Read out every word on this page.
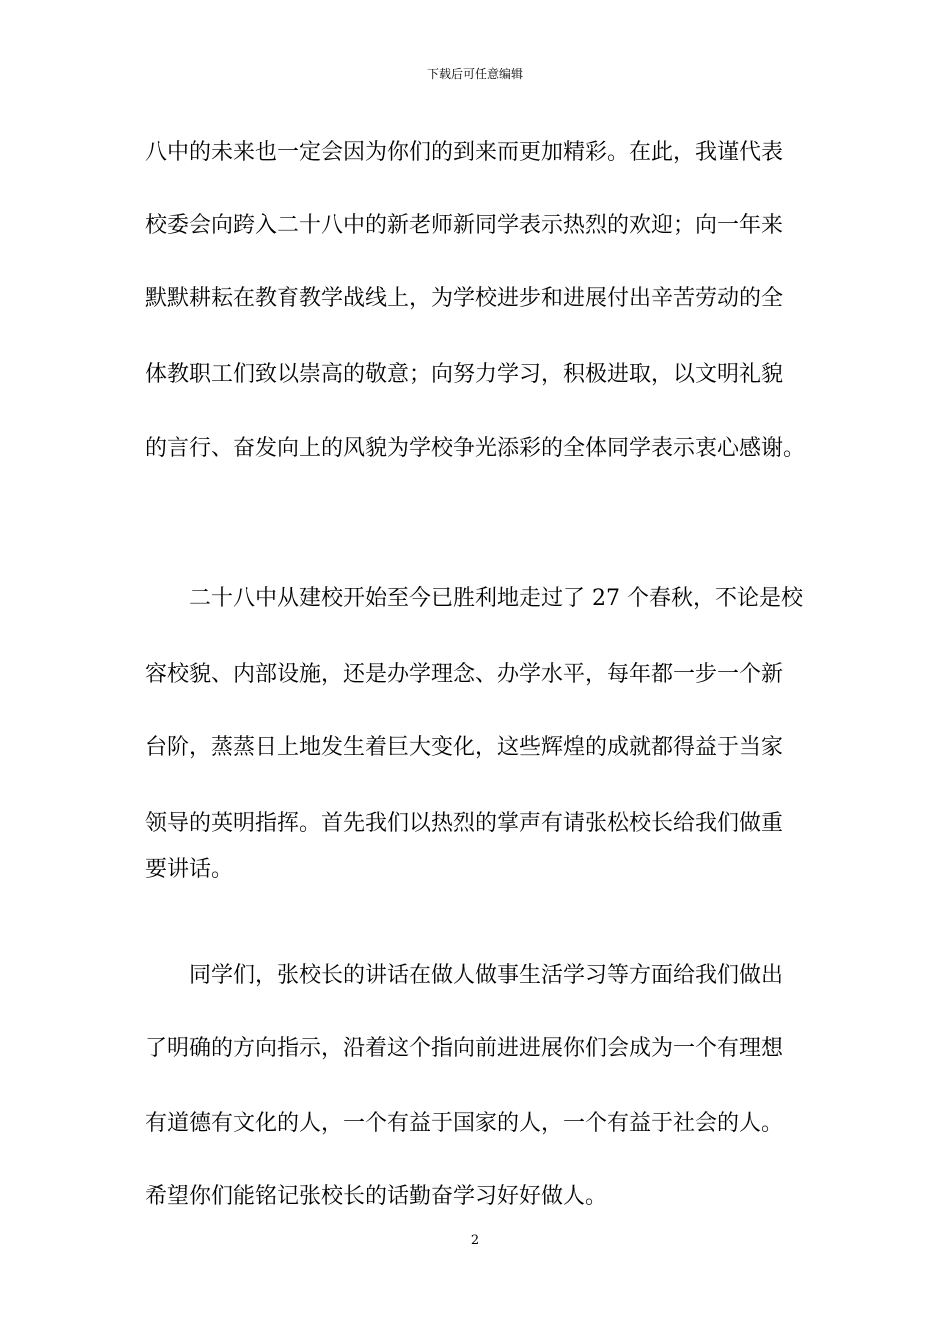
下载后可任意编辑
八中的未来也一定会因为你们的到来而更加精彩。在此，我谨代表
校委会向跨入二十八中的新老师新同学表示热烈的欢迎；向一年来
默默耕耘在教育教学战线上，为学校进步和进展付出辛苦劳动的全
体教职工们致以崇高的敬意；向努力学习，积极进取，以文明礼貌
的言行、奋发向上的风貌为学校争光添彩的全体同学表示衷心感谢。
二十八中从建校开始至今已胜利地走过了 27 个春秋，不论是校
容校貌、内部设施，还是办学理念、办学水平，每年都一步一个新
台阶，蒸蒸日上地发生着巨大变化，这些辉煌的成就都得益于当家
领导的英明指挥。首先我们以热烈的掌声有请张松校长给我们做重
要讲话。
同学们，张校长的讲话在做人做事生活学习等方面给我们做出
了明确的方向指示，沿着这个指向前进进展你们会成为一个有理想
有道德有文化的人，一个有益于国家的人，一个有益于社会的人。
希望你们能铭记张校长的话勤奋学习好好做人。
2
